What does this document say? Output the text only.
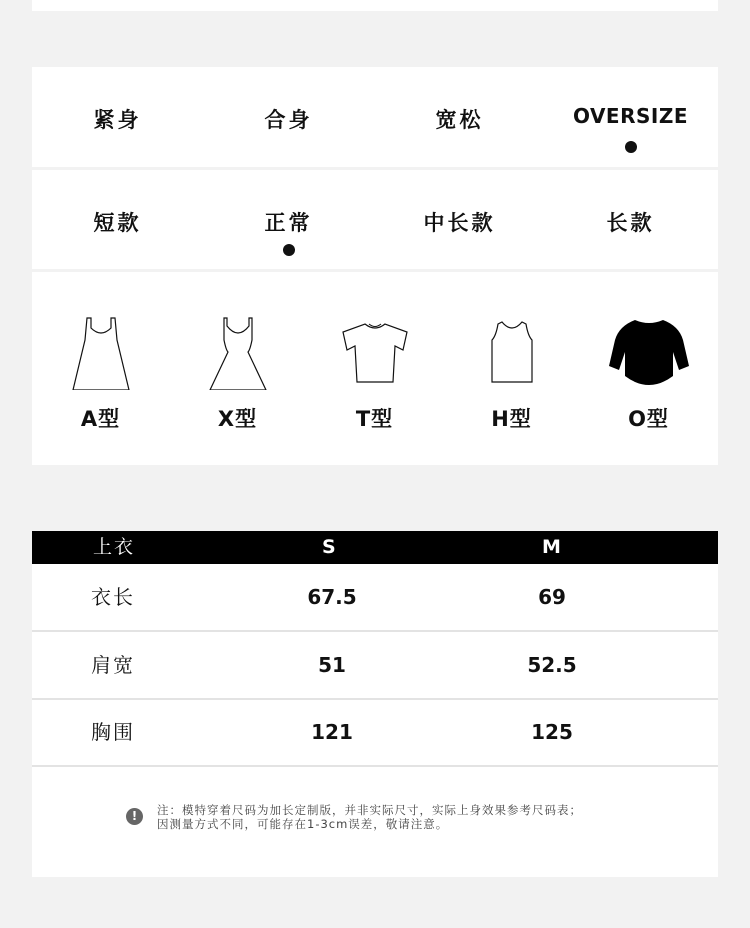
紧身	合身	宽松	OVERSIZE
短款	正常	中长款	长款
A型	X型	T型	H型	O型
上衣	S	M
衣长	67.5	69
肩宽	51	52.5
胸围	121	125
!	注：模特穿着尺码为加长定制版，并非实际尺寸，实际上身效果参考尺码表；
因测量方式不同，可能存在1-3cm误差，敬请注意。
